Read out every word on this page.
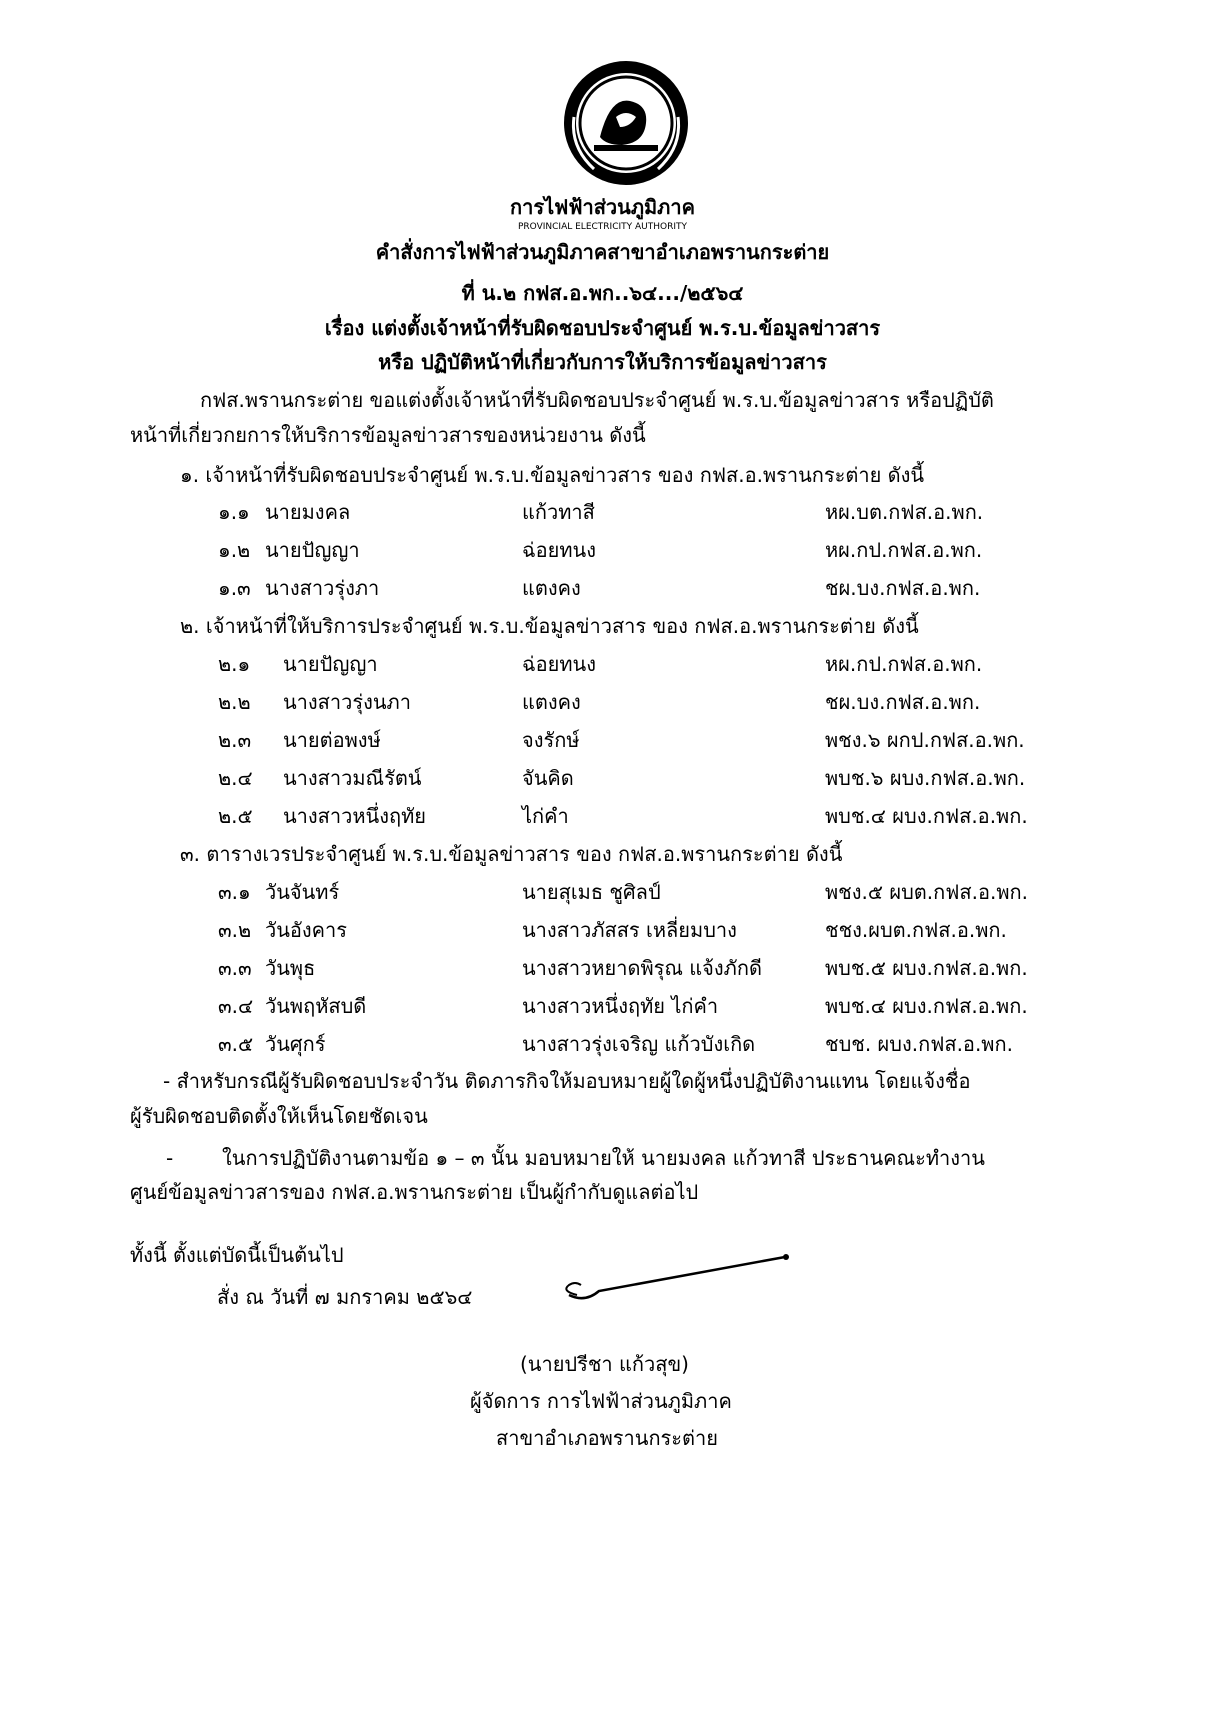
การไฟฟ้าส่วนภูมิภาค
PROVINCIAL ELECTRICITY AUTHORITY
คำสั่งการไฟฟ้าส่วนภูมิภาคสาขาอำเภอพรานกระต่าย
ที่ น.๒ กฟส.อ.พก..๖๔.../๒๕๖๔
เรื่อง แต่งตั้งเจ้าหน้าที่รับผิดชอบประจำศูนย์ พ.ร.บ.ข้อมูลข่าวสาร
หรือ ปฏิบัติหน้าที่เกี่ยวกับการให้บริการข้อมูลข่าวสาร
กฟส.พรานกระต่าย ขอแต่งตั้งเจ้าหน้าที่รับผิดชอบประจำศูนย์ พ.ร.บ.ข้อมูลข่าวสาร หรือปฏิบัติ
หน้าที่เกี่ยวกยการให้บริการข้อมูลข่าวสารของหน่วยงาน ดังนี้
๑. เจ้าหน้าที่รับผิดชอบประจำศูนย์ พ.ร.บ.ข้อมูลข่าวสาร ของ กฟส.อ.พรานกระต่าย ดังนี้
๑.๑ นายมงคล	แก้วทาสี	หผ.บต.กฟส.อ.พก.
๑.๒ นายปัญญา	ฉ่อยทนง	หผ.กป.กฟส.อ.พก.
๑.๓ นางสาวรุ่งภา	แตงคง	ชผ.บง.กฟส.อ.พก.
๒. เจ้าหน้าที่ให้บริการประจำศูนย์ พ.ร.บ.ข้อมูลข่าวสาร ของ กฟส.อ.พรานกระต่าย ดังนี้
๒.๑ นายปัญญา	ฉ่อยทนง	หผ.กป.กฟส.อ.พก.
๒.๒ นางสาวรุ่งนภา	แตงคง	ชผ.บง.กฟส.อ.พก.
๒.๓ นายต่อพงษ์	จงรักษ์	พชง.๖ ผกป.กฟส.อ.พก.
๒.๔ นางสาวมณีรัตน์	จันคิด	พบช.๖ ผบง.กฟส.อ.พก.
๒.๕ นางสาวหนึ่งฤทัย	ไก่คำ	พบช.๔ ผบง.กฟส.อ.พก.
๓. ตารางเวรประจำศูนย์ พ.ร.บ.ข้อมูลข่าวสาร ของ กฟส.อ.พรานกระต่าย ดังนี้
๓.๑ วันจันทร์	นายสุเมธ ชูศิลป์	พชง.๕ ผบต.กฟส.อ.พก.
๓.๒ วันอังคาร	นางสาวภัสสร เหลี่ยมบาง	ชชง.ผบต.กฟส.อ.พก.
๓.๓ วันพุธ	นางสาวหยาดพิรุณ แจ้งภักดี	พบช.๕ ผบง.กฟส.อ.พก.
๓.๔ วันพฤหัสบดี	นางสาวหนึ่งฤทัย ไก่คำ	พบช.๔ ผบง.กฟส.อ.พก.
๓.๕ วันศุกร์	นางสาวรุ่งเจริญ แก้วบังเกิด	ชบช. ผบง.กฟส.อ.พก.
- สำหรับกรณีผู้รับผิดชอบประจำวัน ติดภารกิจให้มอบหมายผู้ใดผู้หนึ่งปฏิบัติงานแทน โดยแจ้งชื่อ
ผู้รับผิดชอบติดตั้งให้เห็นโดยชัดเจน
- ในการปฏิบัติงานตามข้อ ๑ – ๓ นั้น มอบหมายให้ นายมงคล แก้วทาสี ประธานคณะทำงาน
ศูนย์ข้อมูลข่าวสารของ กฟส.อ.พรานกระต่าย เป็นผู้กำกับดูแลต่อไป
ทั้งนี้ ตั้งแต่บัดนี้เป็นต้นไป
สั่ง ณ วันที่ ๗ มกราคม ๒๕๖๔
(นายปรีชา แก้วสุข)
ผู้จัดการ การไฟฟ้าส่วนภูมิภาค
สาขาอำเภอพรานกระต่าย
